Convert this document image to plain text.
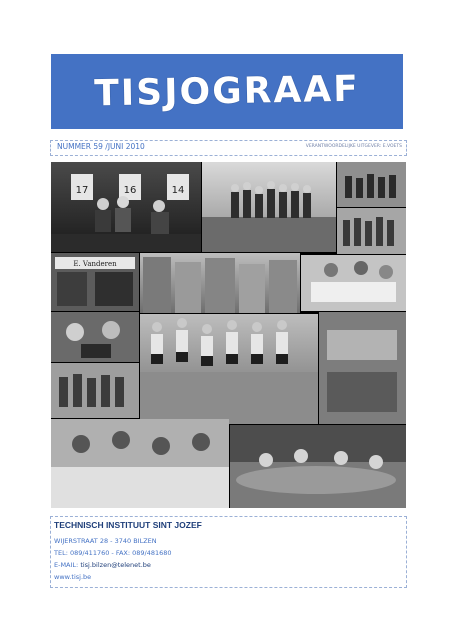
TISJOGRAAF
NUMMER 59 /JUNI 2010	VERANTWOORDELIJKE UITGEVER: E.VOETS
17	16	14
E. Vanderen
TECHNISCH INSTITUUT SINT JOZEF
WIJERSTRAAT 28 - 3740 BILZEN
TEL: 089/411760 - FAX: 089/481680
E-MAIL: tisj.bilzen@telenet.be
www.tisj.be
